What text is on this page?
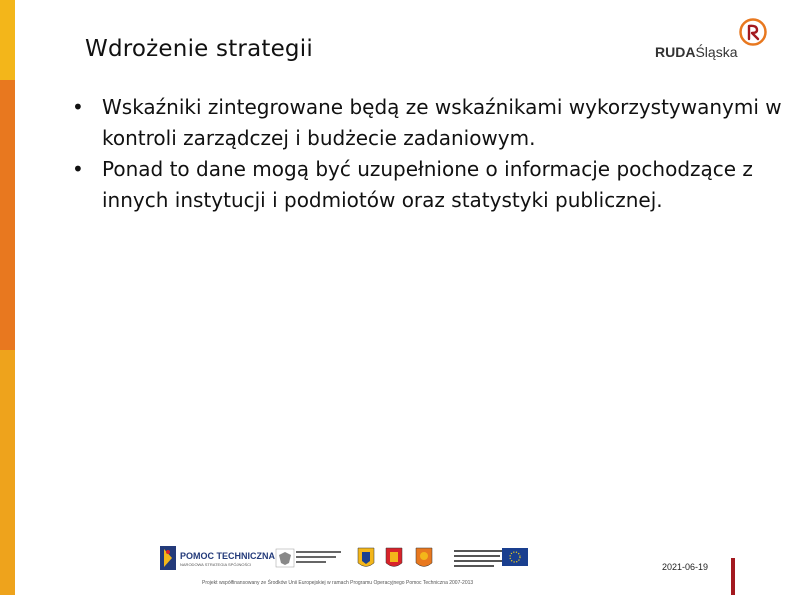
Wdrożenie strategii	RUDAŚląska
• Wskaźniki zintegrowane będą ze wskaźnikami wykorzystywanymi w kontroli zarządczej i budżecie zadaniowym.
• Ponad to dane mogą być uzupełnione o informacje pochodzące z innych instytucji i podmiotów oraz statystyki publicznej.
POMOC TECHNICZNA
NARODOWA STRATEGIA SPÓJNOŚCI
Projekt współfinansowany ze Środków Unii Europejskiej w ramach Programu Operacyjnego Pomoc Techniczna 2007-2013
2021-06-19
